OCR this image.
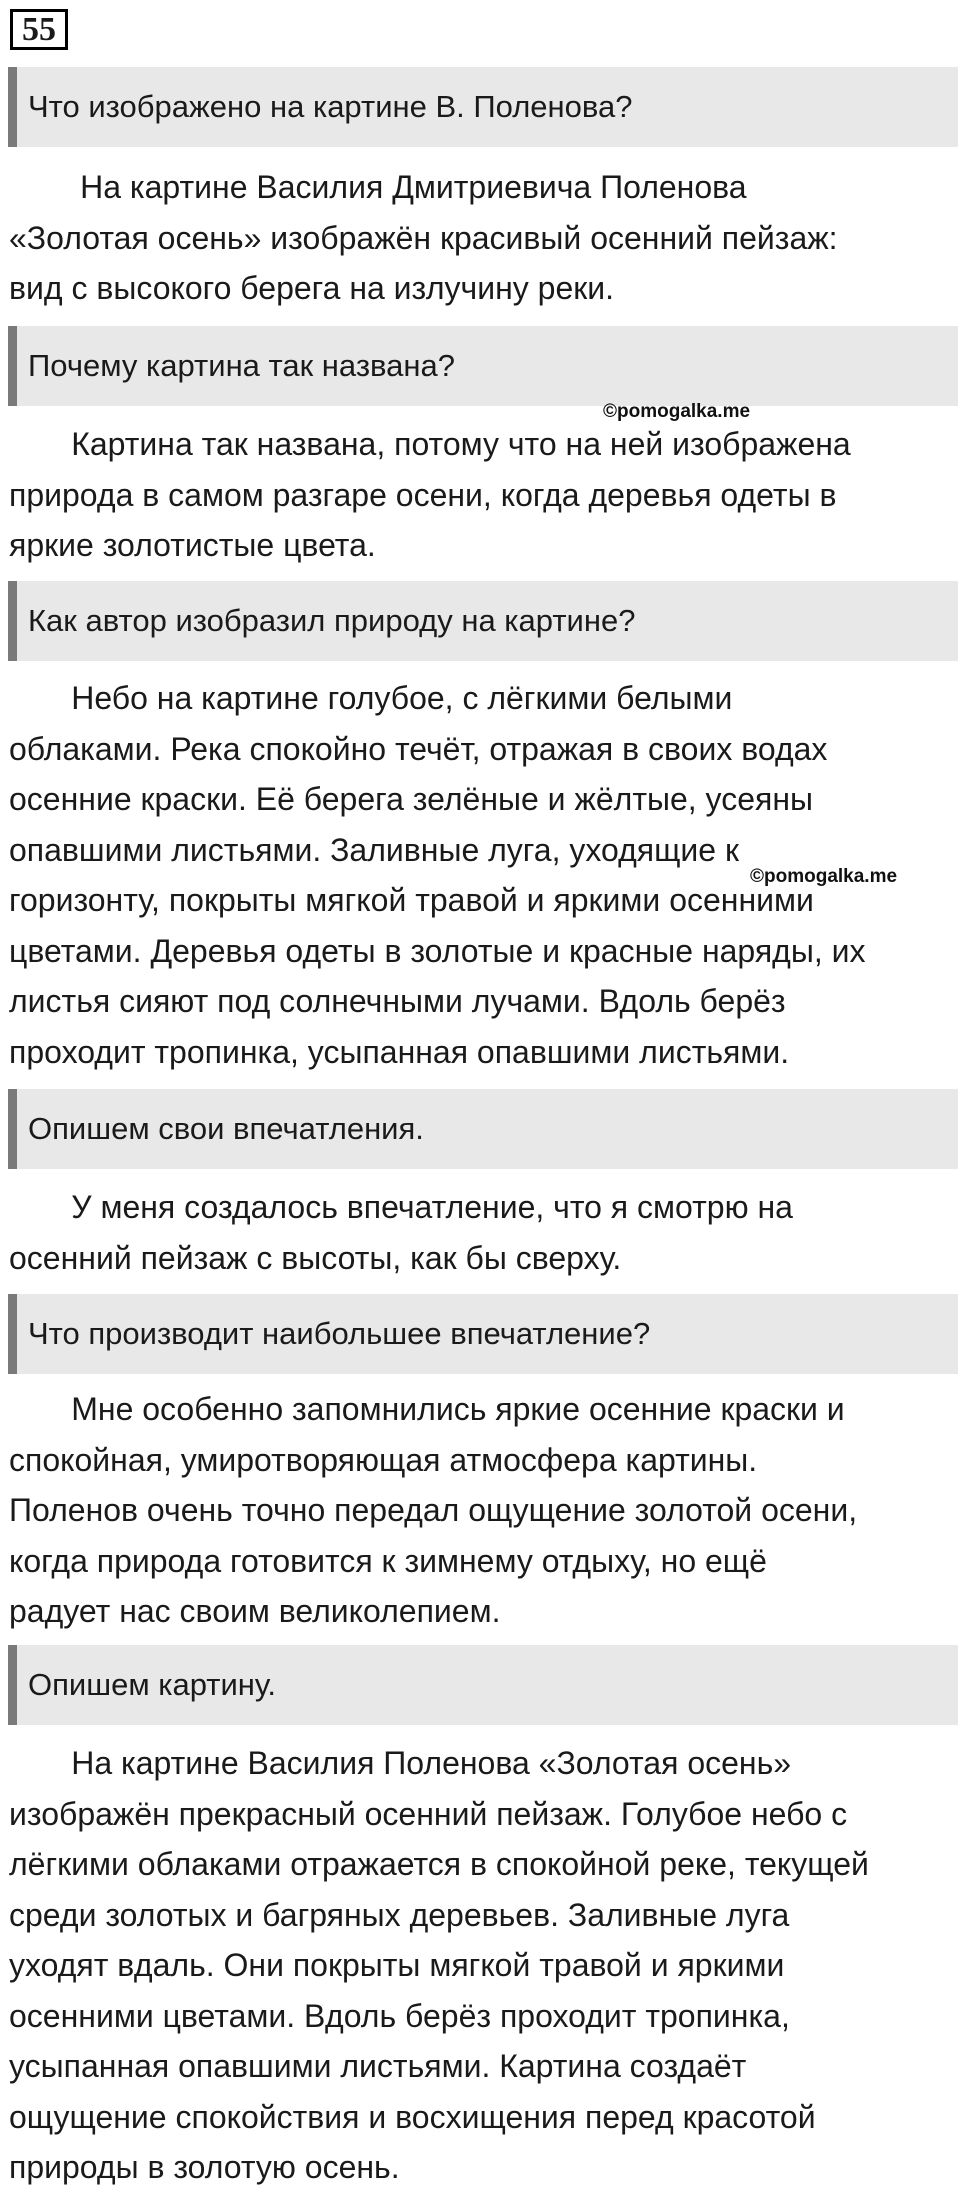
55
Что изображено на картине В. Поленова?

На картине Василия Дмитриевича Поленова
«Золотая осень» изображён красивый осенний пейзаж:
вид с высокого берега на излучину реки.

Почему картина так названа?
©pomogalka.me

Картина так названа, потому что на ней изображена
природа в самом разгаре осени, когда деревья одеты в
яркие золотистые цвета.

Как автор изобразил природу на картине?

Небо на картине голубое, с лёгкими белыми
облаками. Река спокойно течёт, отражая в своих водах
осенние краски. Её берега зелёные и жёлтые, усеяны
опавшими листьями. Заливные луга, уходящие к
горизонту, покрыты мягкой травой и яркими осенними
цветами. Деревья одеты в золотые и красные наряды, их
листья сияют под солнечными лучами. Вдоль берёз
проходит тропинка, усыпанная опавшими листьями.

©pomogalka.me
Опишем свои впечатления.

У меня создалось впечатление, что я смотрю на
осенний пейзаж с высоты, как бы сверху.

Что производит наибольшее впечатление?

Мне особенно запомнились яркие осенние краски и
спокойная, умиротворяющая атмосфера картины.
Поленов очень точно передал ощущение золотой осени,
когда природа готовится к зимнему отдыху, но ещё
радует нас своим великолепием.

Опишем картину.

На картине Василия Поленова «Золотая осень»
изображён прекрасный осенний пейзаж. Голубое небо с
лёгкими облаками отражается в спокойной реке, текущей
среди золотых и багряных деревьев. Заливные луга
уходят вдаль. Они покрыты мягкой травой и яркими
осенними цветами. Вдоль берёз проходит тропинка,
усыпанная опавшими листьями. Картина создаёт
ощущение спокойствия и восхищения перед красотой
природы в золотую осень.
